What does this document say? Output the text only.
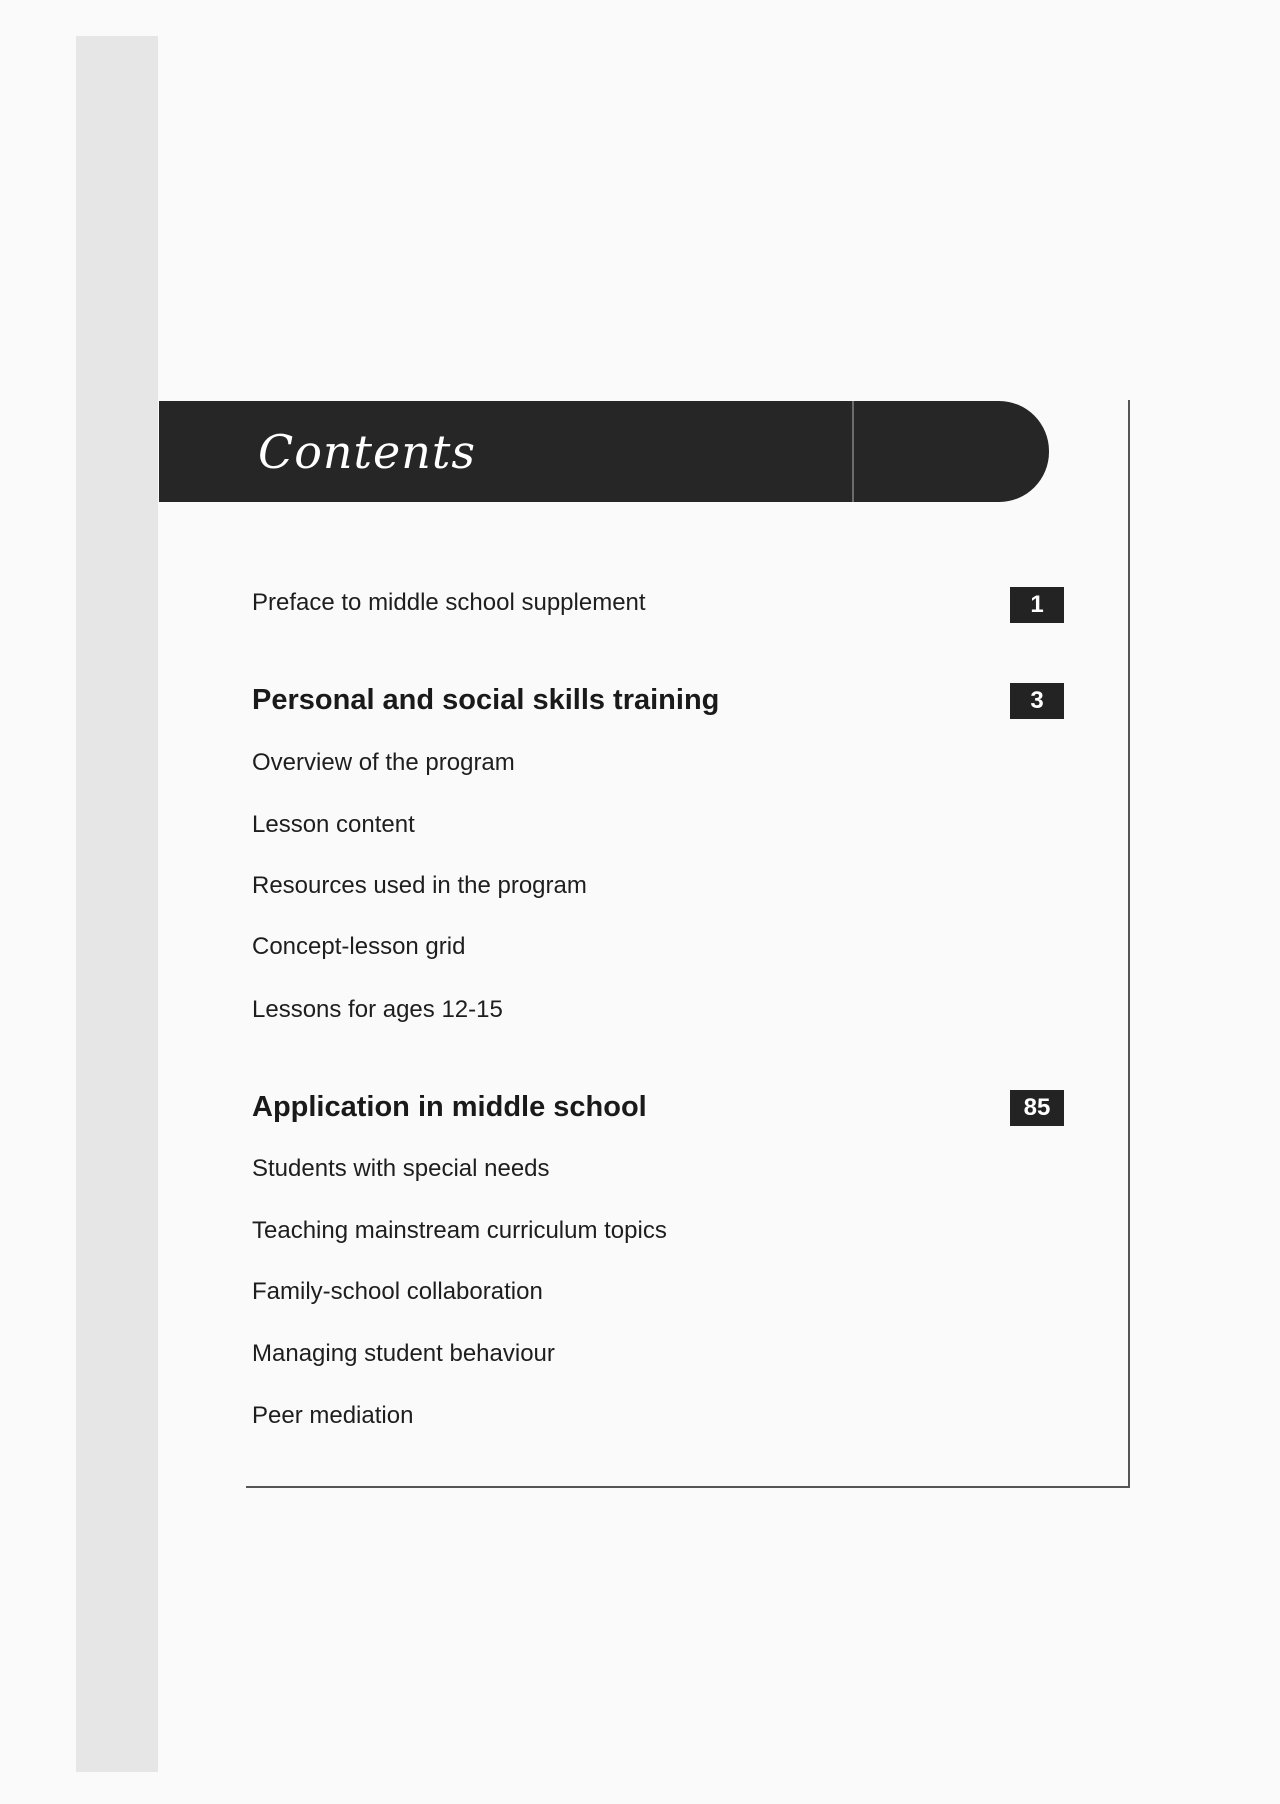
Contents
Preface to middle school supplement	1
Personal and social skills training	3
Overview of the program
Lesson content
Resources used in the program
Concept-lesson grid
Lessons for ages 12-15
Application in middle school	85
Students with special needs
Teaching mainstream curriculum topics
Family-school collaboration
Managing student behaviour
Peer mediation
